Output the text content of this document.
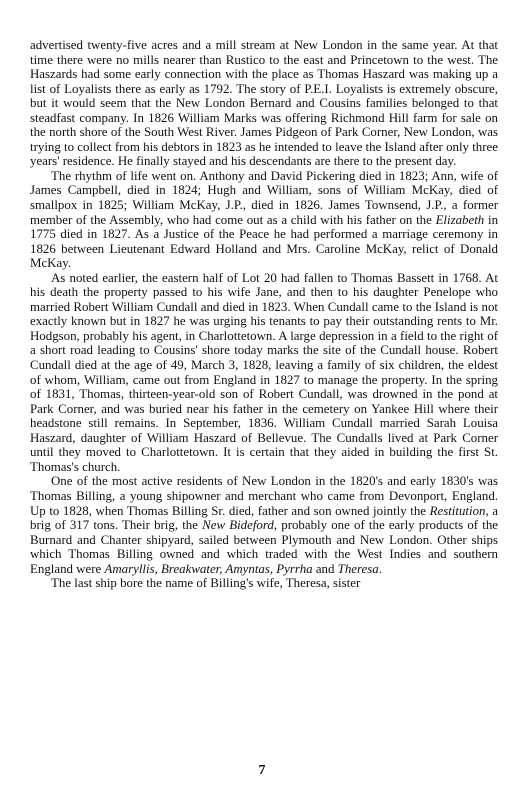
advertised twenty-five acres and a mill stream at New London in the same year. At that time there were no mills nearer than Rustico to the east and Princetown to the west. The Haszards had some early connection with the place as Thomas Haszard was making up a list of Loyalists there as early as 1792. The story of P.E.I. Loyalists is extremely obscure, but it would seem that the New London Bernard and Cousins families belonged to that steadfast company. In 1826 William Marks was offering Richmond Hill farm for sale on the north shore of the South West River. James Pidgeon of Park Corner, New London, was trying to collect from his debtors in 1823 as he intended to leave the Island after only three years' residence. He finally stayed and his descendants are there to the present day.

The rhythm of life went on. Anthony and David Pickering died in 1823; Ann, wife of James Campbell, died in 1824; Hugh and William, sons of William McKay, died of smallpox in 1825; William McKay, J.P., died in 1826. James Townsend, J.P., a former member of the Assembly, who had come out as a child with his father on the Elizabeth in 1775 died in 1827. As a Justice of the Peace he had performed a marriage ceremony in 1826 between Lieutenant Edward Holland and Mrs. Caroline McKay, relict of Donald McKay.

As noted earlier, the eastern half of Lot 20 had fallen to Thomas Bassett in 1768. At his death the property passed to his wife Jane, and then to his daughter Penelope who married Robert William Cundall and died in 1823. When Cundall came to the Island is not exactly known but in 1827 he was urging his tenants to pay their outstanding rents to Mr. Hodgson, probably his agent, in Charlottetown. A large depression in a field to the right of a short road leading to Cousins' shore today marks the site of the Cundall house. Robert Cundall died at the age of 49, March 3, 1828, leaving a family of six children, the eldest of whom, William, came out from England in 1827 to manage the property. In the spring of 1831, Thomas, thirteen-year-old son of Robert Cundall, was drowned in the pond at Park Corner, and was buried near his father in the cemetery on Yankee Hill where their headstone still remains. In September, 1836. William Cundall married Sarah Louisa Haszard, daughter of William Haszard of Bellevue. The Cundalls lived at Park Corner until they moved to Charlottetown. It is certain that they aided in building the first St. Thomas's church.

One of the most active residents of New London in the 1820's and early 1830's was Thomas Billing, a young shipowner and merchant who came from Devonport, England. Up to 1828, when Thomas Billing Sr. died, father and son owned jointly the Restitution, a brig of 317 tons. Their brig, the New Bideford, probably one of the early products of the Burnard and Chanter shipyard, sailed between Plymouth and New London. Other ships which Thomas Billing owned and which traded with the West Indies and southern England were Amaryllis, Breakwater, Amyntas, Pyrrha and Theresa.

The last ship bore the name of Billing's wife, Theresa, sister

7
